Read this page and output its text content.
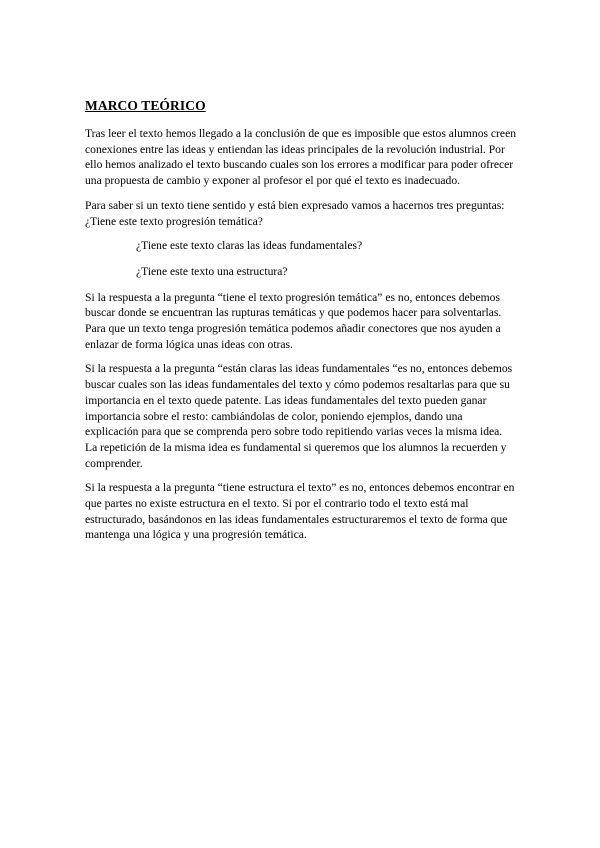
MARCO TEÓRICO

Tras leer el texto hemos llegado a la conclusión de que es imposible que estos alumnos creen conexiones entre las ideas y entiendan las ideas principales de la revolución industrial. Por ello hemos analizado el texto buscando cuales son los errores a modificar para poder ofrecer una propuesta de cambio y exponer al profesor el por qué el texto es inadecuado.

Para saber si un texto tiene sentido y está bien expresado vamos a hacernos tres preguntas: ¿Tiene este texto progresión temática?

¿Tiene este texto claras las ideas fundamentales?

¿Tiene este texto una estructura?

Si la respuesta a la pregunta “tiene el texto progresión temática” es no, entonces debemos buscar donde se encuentran las rupturas temáticas y que podemos hacer para solventarlas. Para que un texto tenga progresión temática podemos añadir conectores que nos ayuden a enlazar de forma lógica unas ideas con otras.

Si la respuesta a la pregunta “están claras las ideas fundamentales “es no, entonces debemos buscar cuales son las ideas fundamentales del texto y cómo podemos resaltarlas para que su importancia en el texto quede patente. Las ideas fundamentales del texto pueden ganar importancia sobre el resto: cambiándolas de color, poniendo ejemplos, dando una explicación para que se comprenda pero sobre todo repitiendo varias veces la misma idea. La repetición de la misma idea es fundamental si queremos que los alumnos la recuerden y comprender.

Si la respuesta a la pregunta “tiene estructura el texto” es no, entonces debemos encontrar en que partes no existe estructura en el texto. Si por el contrario todo el texto está mal estructurado, basándonos en las ideas fundamentales estructuraremos el texto de forma que mantenga una lógica y una progresión temática.
